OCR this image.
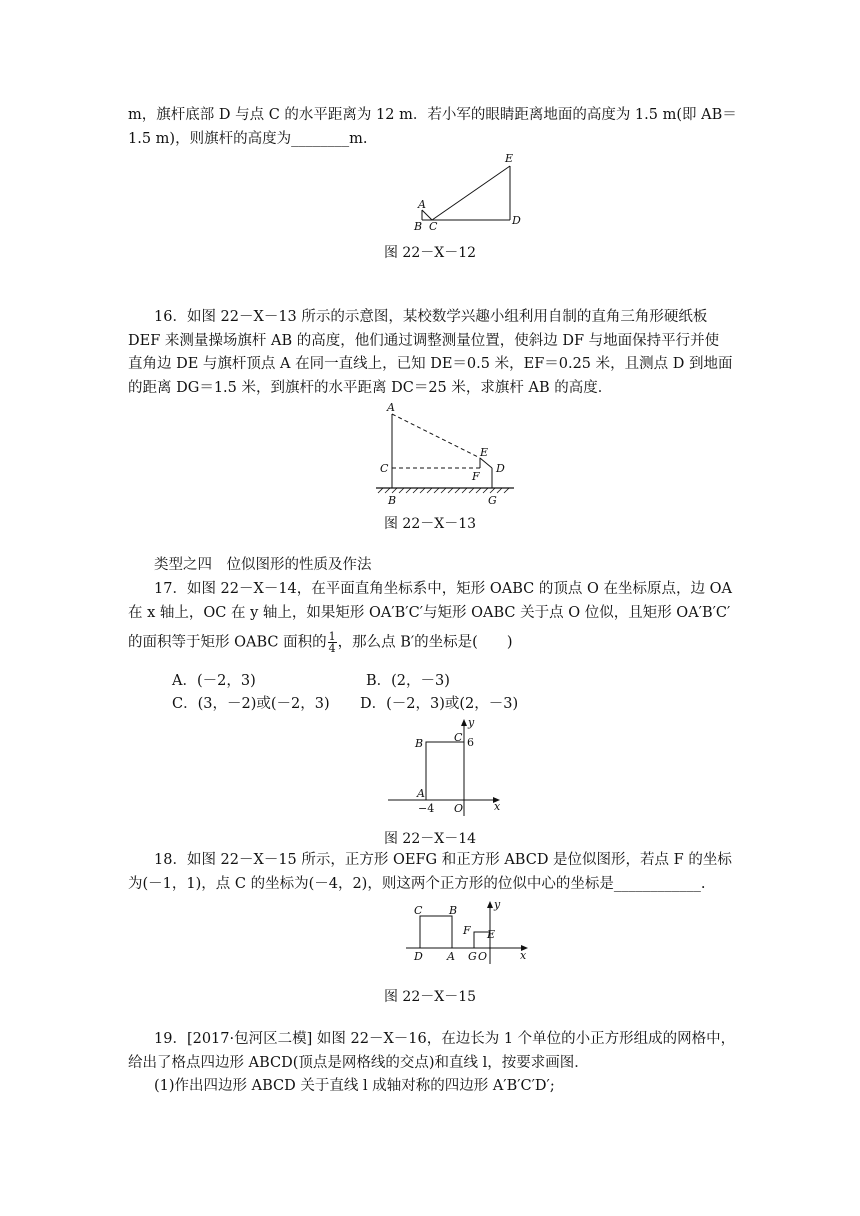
m，旗杆底部 D 与点 C 的水平距离为 12 m．若小军的眼睛距离地面的高度为 1.5 m(即 AB＝
1.5 m)，则旗杆的高度为________m.
E
A
B C	D
图 22－X－12
16．如图 22－X－13 所示的示意图，某校数学兴趣小组利用自制的直角三角形硬纸板
DEF 来测量操场旗杆 AB 的高度，他们通过调整测量位置，使斜边 DF 与地面保持平行并使
直角边 DE 与旗杆顶点 A 在同一直线上，已知 DE＝0.5 米，EF＝0.25 米，且测点 D 到地面
的距离 DG＝1.5 米，到旗杆的水平距离 DC＝25 米，求旗杆 AB 的高度．
A
C
E
D
F
B	G
图 22－X－13
类型之四　位似图形的性质及作法
17．如图 22－X－14，在平面直角坐标系中，矩形 OABC 的顶点 O 在坐标原点，边 OA
在 x 轴上，OC 在 y 轴上，如果矩形 OA′B′C′与矩形 OABC 关于点 O 位似，且矩形 OA′B′C′
的面积等于矩形 OABC 面积的 $\frac{1}{4}$ ，那么点 B′的坐标是(　　)
A．(－2，3)	B．(2，－3)
C．(3，－2)或(－2，3) D．(－2，3)或(2，－3)
y
B	C 6
A
−4 O	x
图 22－X－14
18．如图 22－X－15 所示，正方形 OEFG 和正方形 ABCD 是位似图形，若点 F 的坐标
为(－1，1)，点 C 的坐标为(－4，2)，则这两个正方形的位似中心的坐标是____________.
C B	y
F E
D A G O	x
图 22－X－15
19．[2017·包河区二模] 如图 22－X－16，在边长为 1 个单位的小正方形组成的网格中，
给出了格点四边形 ABCD(顶点是网格线的交点)和直线 l，按要求画图．
(1)作出四边形 ABCD 关于直线 l 成轴对称的四边形 A′B′C′D′;
